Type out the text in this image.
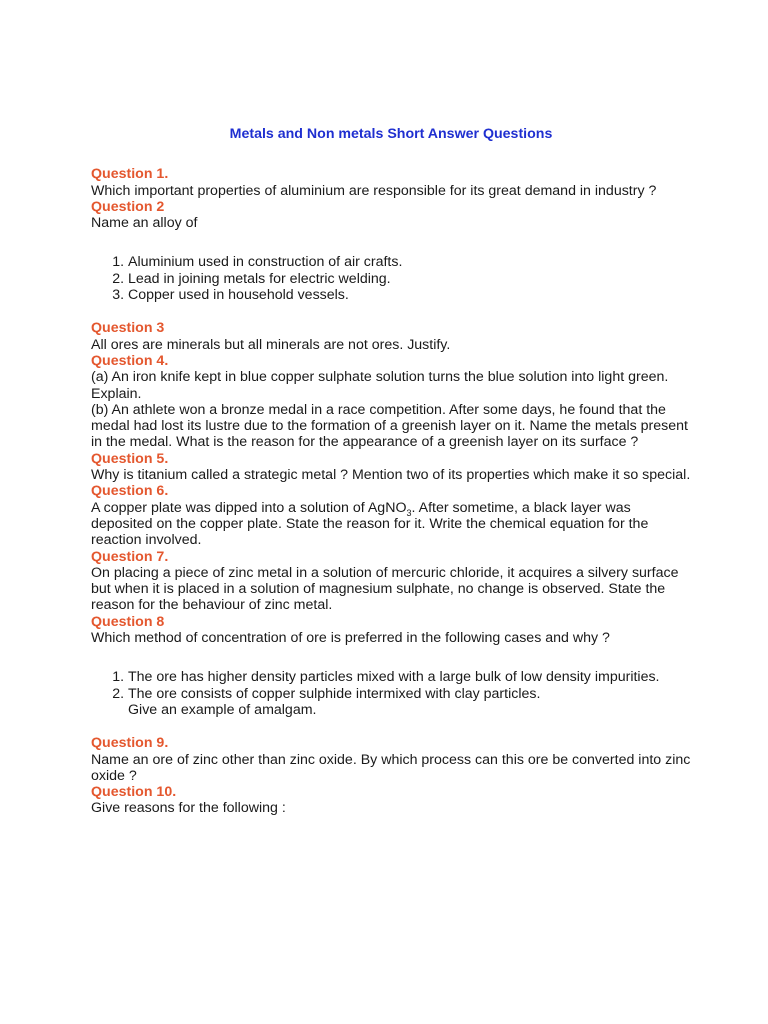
Metals and Non metals Short Answer Questions
Question 1.
Which important properties of aluminium are responsible for its great demand in industry ?
Question 2
Name an alloy of
1. Aluminium used in construction of air crafts.
2. Lead in joining metals for electric welding.
3. Copper used in household vessels.
Question 3
All ores are minerals but all minerals are not ores. Justify.
Question 4.
(a) An iron knife kept in blue copper sulphate solution turns the blue solution into light green. Explain.
(b) An athlete won a bronze medal in a race competition. After some days, he found that the medal had lost its lustre due to the formation of a greenish layer on it. Name the metals present in the medal. What is the reason for the appearance of a greenish layer on its surface ?
Question 5.
Why is titanium called a strategic metal ? Mention two of its properties which make it so special.
Question 6.
A copper plate was dipped into a solution of AgNO$_3$. After sometime, a black layer was deposited on the copper plate. State the reason for it. Write the chemical equation for the reaction involved.
Question 7.
On placing a piece of zinc metal in a solution of mercuric chloride, it acquires a silvery surface but when it is placed in a solution of magnesium sulphate, no change is observed. State the reason for the behaviour of zinc metal.
Question 8
Which method of concentration of ore is preferred in the following cases and why ?
1. The ore has higher density particles mixed with a large bulk of low density impurities.
2. The ore consists of copper sulphide intermixed with clay particles.
Give an example of amalgam.
Question 9.
Name an ore of zinc other than zinc oxide. By which process can this ore be converted into zinc oxide ?
Question 10.
Give reasons for the following :
